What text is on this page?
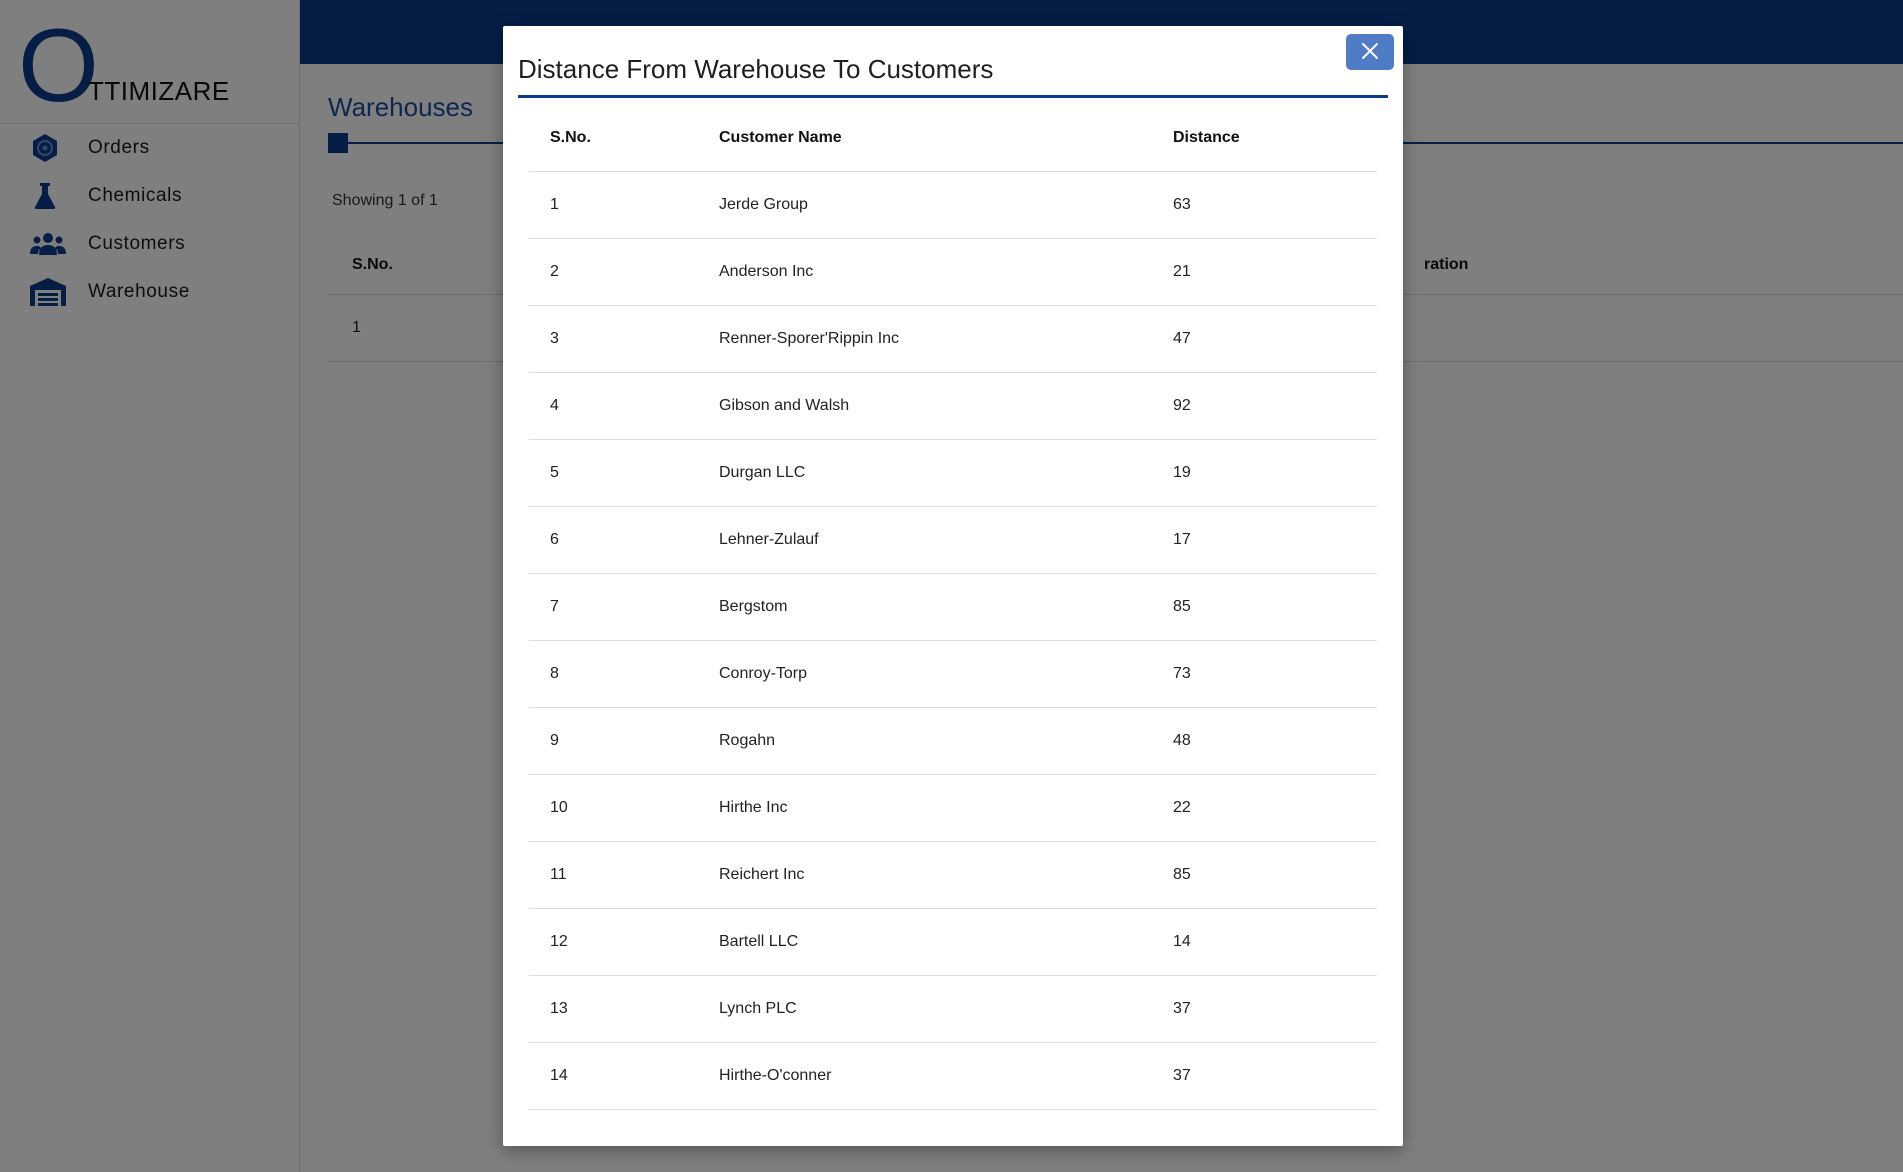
Distance From Warehouse To Customers
S.No.	Customer Name	Distance
1	Jerde Group	63
2	Anderson Inc	21
3	Renner-Sporer'Rippin Inc	47
4	Gibson and Walsh	92
5	Durgan LLC	19
6	Lehner-Zulauf	17
7	Bergstom	85
8	Conroy-Torp	73
9	Rogahn	48
10	Hirthe Inc	22
11	Reichert Inc	85
12	Bartell LLC	14
13	Lynch PLC	37
14	Hirthe-O'conner	37
